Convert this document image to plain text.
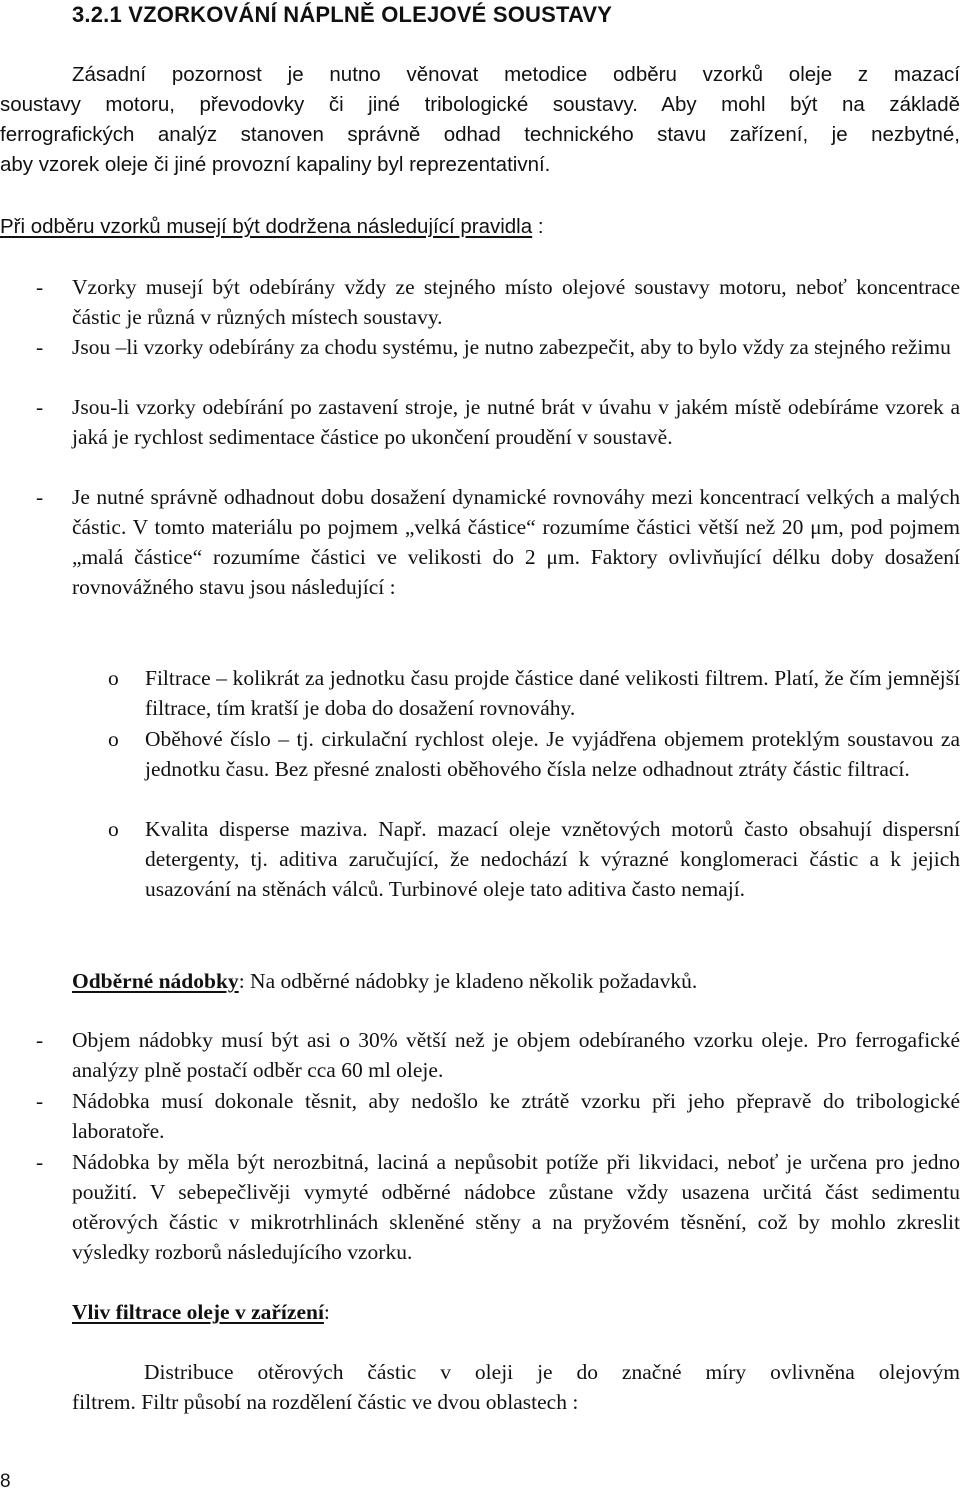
3.2.1 VZORKOVÁNÍ NÁPLNĚ OLEJOVÉ SOUSTAVY
Zásadní pozornost je nutno věnovat metodice odběru vzorků oleje z mazací
soustavy motoru, převodovky či jiné tribologické soustavy. Aby mohl být na základě
ferrografických analýz stanoven správně odhad technického stavu zařízení, je nezbytné,
aby vzorek oleje či jiné provozní kapaliny byl reprezentativní.
Při odběru vzorků musejí být dodržena následující pravidla :
- Vzorky musejí být odebírány vždy ze stejného místo olejové soustavy motoru, neboť koncentrace částic je různá v různých místech soustavy.
- Jsou –li vzorky odebírány za chodu systému, je nutno zabezpečit, aby to bylo vždy za stejného režimu
- Jsou-li vzorky odebírání po zastavení stroje, je nutné brát v úvahu v jakém místě odebíráme vzorek a jaká je rychlost sedimentace částice po ukončení proudění v soustavě.
- Je nutné správně odhadnout dobu dosažení dynamické rovnováhy mezi koncentrací velkých a malých částic. V tomto materiálu po pojmem „velká částice“ rozumíme částici větší než 20 μm, pod pojmem „malá částice“ rozumíme částici ve velikosti do 2 μm. Faktory ovlivňující délku doby dosažení rovnovážného stavu jsou následující :
o Filtrace – kolikrát za jednotku času projde částice dané velikosti filtrem. Platí, že čím jemnější filtrace, tím kratší je doba do dosažení rovnováhy.
o Oběhové číslo – tj. cirkulační rychlost oleje. Je vyjádřena objemem proteklým soustavou za jednotku času. Bez přesné znalosti oběhového čísla nelze odhadnout ztráty částic filtrací.
o Kvalita disperse maziva. Např. mazací oleje vznětových motorů často obsahují dispersní detergenty, tj. aditiva zaručující, že nedochází k výrazné konglomeraci částic a k jejich usazování na stěnách válců. Turbinové oleje tato aditiva často nemají.
Odběrné nádobky: Na odběrné nádobky je kladeno několik požadavků.
- Objem nádobky musí být asi o 30% větší než je objem odebíraného vzorku oleje. Pro ferrogafické analýzy plně postačí odběr cca 60 ml oleje.
- Nádobka musí dokonale těsnit, aby nedošlo ke ztrátě vzorku při jeho přepravě do tribologické laboratoře.
- Nádobka by měla být nerozbitná, laciná a nepůsobit potíže při likvidaci, neboť je určena pro jedno použití. V sebepečlivěji vymyté odběrné nádobce zůstane vždy usazena určitá část sedimentu otěrových částic v mikrotrhlinách skleněné stěny a na pryžovém těsnění, což by mohlo zkreslit výsledky rozborů následujícího vzorku.
Vliv filtrace oleje v zařízení:
Distribuce otěrových částic v oleji je do značné míry ovlivněna olejovým
filtrem. Filtr působí na rozdělení částic ve dvou oblastech :
8
